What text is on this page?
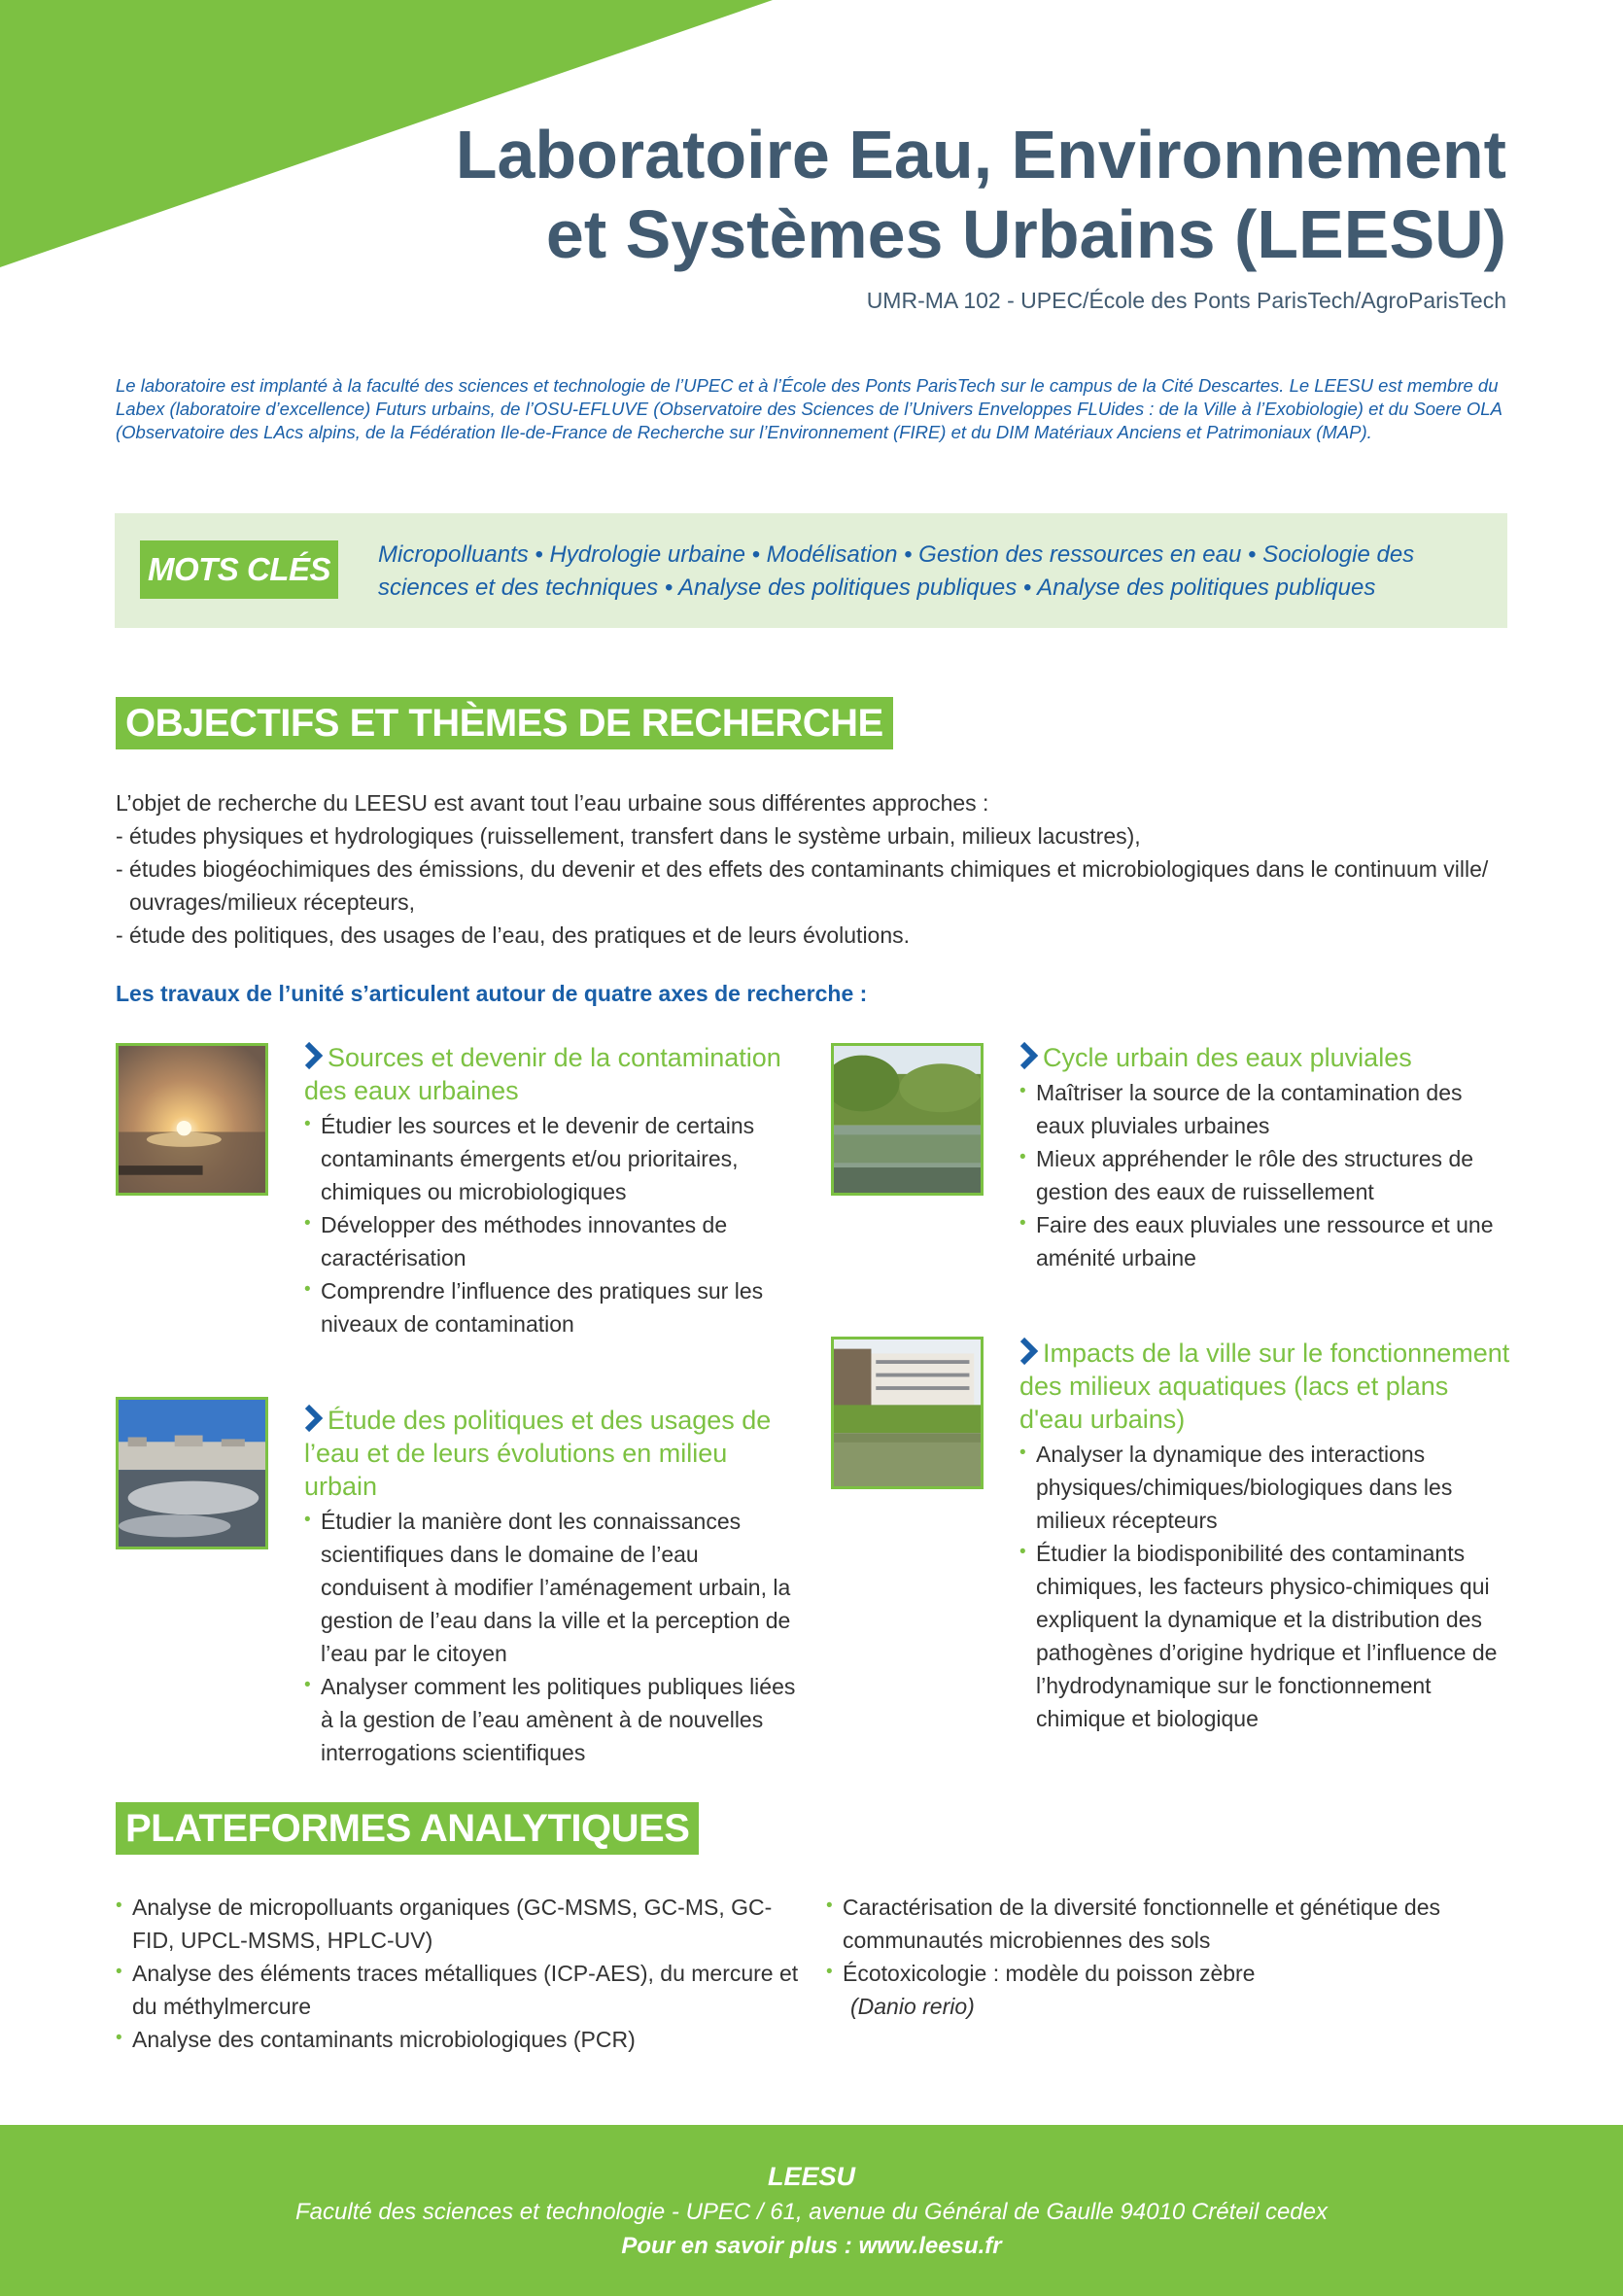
Laboratoire Eau, Environnement
et Systèmes Urbains (LEESU)
UMR-MA 102 - UPEC/École des Ponts ParisTech/AgroParisTech
Le laboratoire est implanté à la faculté des sciences et technologie de l’UPEC et à l’École des Ponts ParisTech sur le campus de la Cité Descartes. Le LEESU est membre du Labex (laboratoire d’excellence) Futurs urbains, de l’OSU-EFLUVE (Observatoire des Sciences de l’Univers Enveloppes FLUides : de la Ville à l’Exobiologie) et du Soere OLA (Observatoire des LAcs alpins, de la Fédération Ile-de-France de Recherche sur l’Environnement (FIRE) et du DIM Matériaux Anciens et Patrimoniaux (MAP).
MOTS CLÉS	Micropolluants • Hydrologie urbaine • Modélisation • Gestion des ressources en eau • Sociologie des sciences et des techniques • Analyse des politiques publiques • Analyse des politiques publiques
OBJECTIFS ET THÈMES DE RECHERCHE
L’objet de recherche du LEESU est avant tout l’eau urbaine sous différentes approches :
- études physiques et hydrologiques (ruissellement, transfert dans le système urbain, milieux lacustres),
- études biogéochimiques des émissions, du devenir et des effets des contaminants chimiques et microbiologiques dans le continuum ville/
ouvrages/milieux récepteurs,
- étude des politiques, des usages de l’eau, des pratiques et de leurs évolutions.
Les travaux de l’unité s’articulent autour de quatre axes de recherche :
Sources et devenir de la contamination des eaux urbaines
• Étudier les sources et le devenir de certains contaminants émergents et/ou prioritaires, chimiques ou microbiologiques
• Développer des méthodes innovantes de caractérisation
• Comprendre l’influence des pratiques sur les niveaux de contamination
Cycle urbain des eaux pluviales
• Maîtriser la source de la contamination des eaux pluviales urbaines
• Mieux appréhender le rôle des structures de gestion des eaux de ruissellement
• Faire des eaux pluviales une ressource et une aménité urbaine
Étude des politiques et des usages de l’eau et de leurs évolutions en milieu urbain
• Étudier la manière dont les connaissances scientifiques dans le domaine de l’eau conduisent à modifier l’aménagement urbain, la gestion de l’eau dans la ville et la perception de l’eau par le citoyen
• Analyser comment les politiques publiques liées à la gestion de l’eau amènent à de nouvelles interrogations scientifiques
Impacts de la ville sur le fonctionnement des milieux aquatiques (lacs et plans d'eau urbains)
• Analyser la dynamique des interactions physiques/chimiques/biologiques dans les milieux récepteurs
• Étudier la biodisponibilité des contaminants chimiques, les facteurs physico-chimiques qui expliquent la dynamique et la distribution des pathogènes d’origine hydrique et l’influence de l’hydrodynamique sur le fonctionnement chimique et biologique
PLATEFORMES ANALYTIQUES
• Analyse de micropolluants organiques (GC-MSMS, GC-MS, GC-FID, UPCL-MSMS, HPLC-UV)
• Analyse des éléments traces métalliques (ICP-AES), du mercure et du méthylmercure
• Analyse des contaminants microbiologiques (PCR)
• Caractérisation de la diversité fonctionnelle et génétique des communautés microbiennes des sols
• Écotoxicologie : modèle du poisson zèbre
(Danio rerio)
LEESU
Faculté des sciences et technologie - UPEC / 61, avenue du Général de Gaulle 94010 Créteil cedex
Pour en savoir plus : www.leesu.fr
